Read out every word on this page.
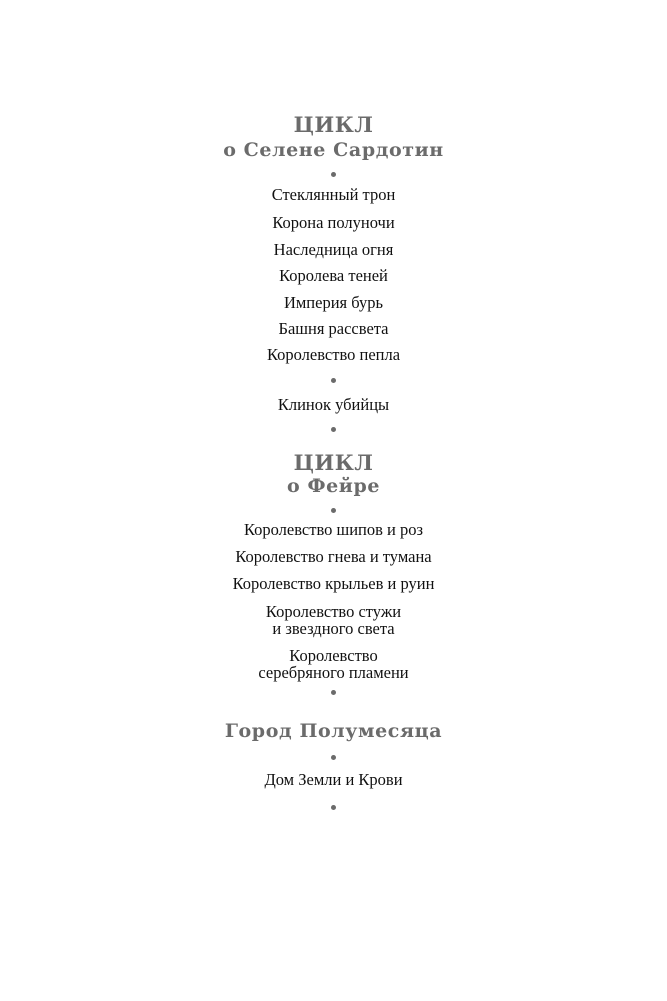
ЦИКЛ
о Селене Сардотин
Стеклянный трон
Корона полуночи
Наследница огня
Королева теней
Империя бурь
Башня рассвета
Королевство пепла
Клинок убийцы
ЦИКЛ
о Фейре
Королевство шипов и роз
Королевство гнева и тумана
Королевство крыльев и руин
Королевство стужи
и звездного света
Королевство
серебряного пламени
Город Полумесяца
Дом Земли и Крови
